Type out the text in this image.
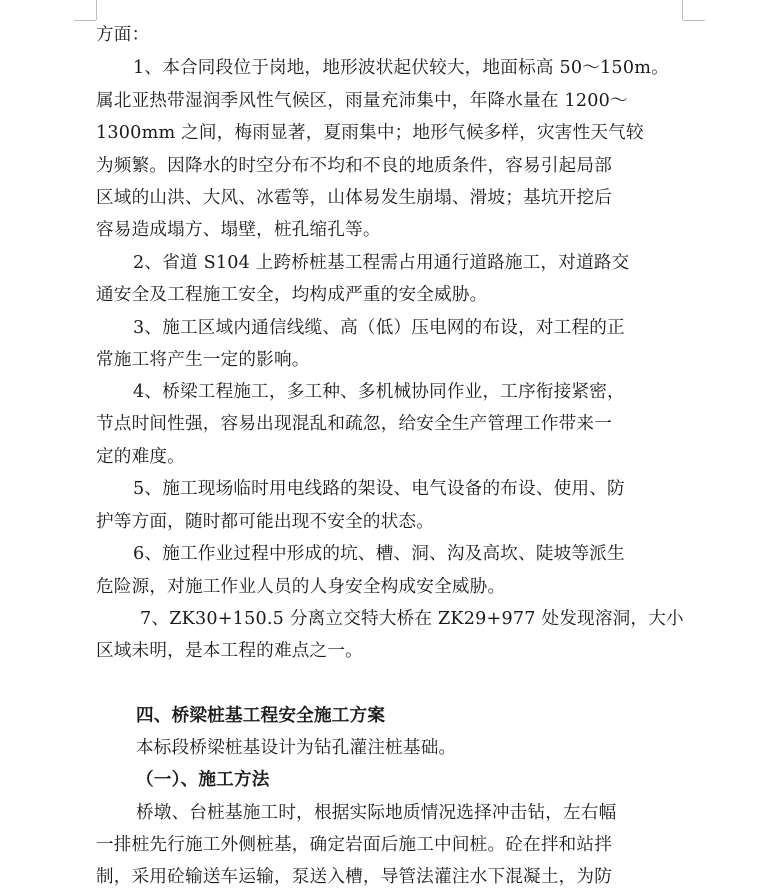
方面：
1、本合同段位于岗地，地形波状起伏较大，地面标高 50～150m。
属北亚热带湿润季风性气候区，雨量充沛集中，年降水量在 1200～
1300mm 之间，梅雨显著，夏雨集中；地形气候多样，灾害性天气较
为频繁。因降水的时空分布不均和不良的地质条件，容易引起局部
区域的山洪、大风、冰雹等，山体易发生崩塌、滑坡；基坑开挖后
容易造成塌方、塌壁，桩孔缩孔等。
2、省道 S104 上跨桥桩基工程需占用通行道路施工，对道路交
通安全及工程施工安全，均构成严重的安全威胁。
3、施工区域内通信线缆、高（低）压电网的布设，对工程的正
常施工将产生一定的影响。
4、桥梁工程施工，多工种、多机械协同作业，工序衔接紧密，
节点时间性强，容易出现混乱和疏忽，给安全生产管理工作带来一
定的难度。
5、施工现场临时用电线路的架设、电气设备的布设、使用、防
护等方面，随时都可能出现不安全的状态。
6、施工作业过程中形成的坑、槽、洞、沟及高坎、陡坡等派生
危险源，对施工作业人员的人身安全构成安全威胁。
7、ZK30+150.5 分离立交特大桥在 ZK29+977 处发现溶洞，大小
区域未明，是本工程的难点之一。
四、桥梁桩基工程安全施工方案
本标段桥梁桩基设计为钻孔灌注桩基础。
（一）、施工方法
桥墩、台桩基施工时，根据实际地质情况选择冲击钻，左右幅
一排桩先行施工外侧桩基，确定岩面后施工中间桩。砼在拌和站拌
制，采用砼输送车运输，泵送入槽，导管法灌注水下混凝土，为防
